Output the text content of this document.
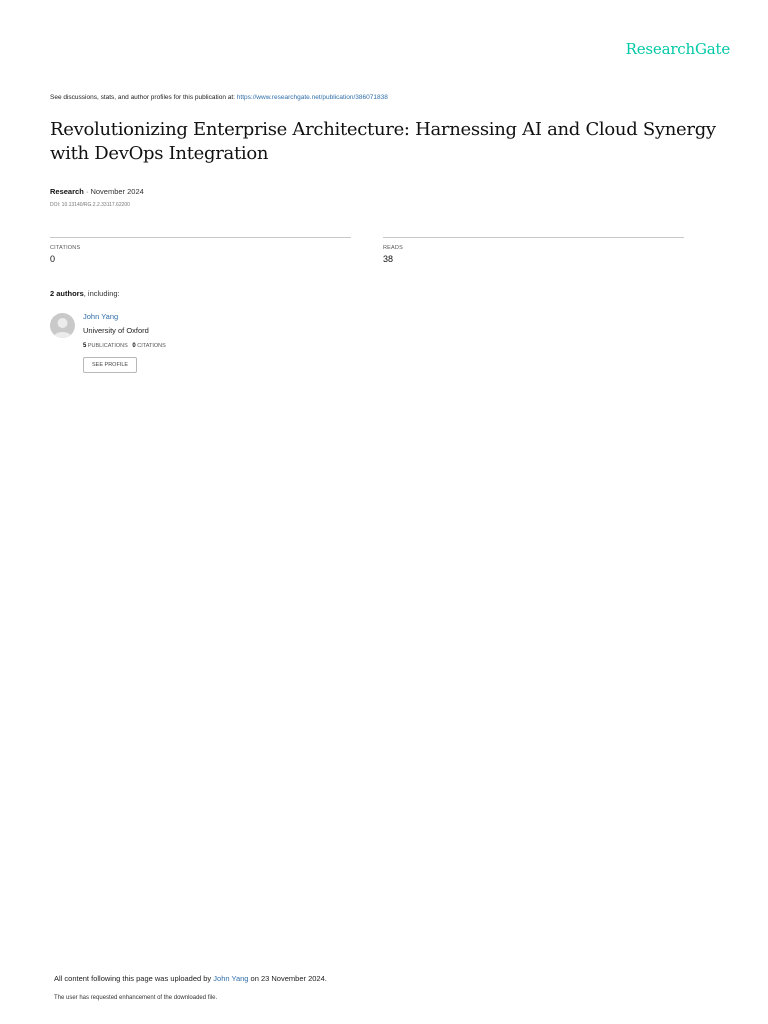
ResearchGate
See discussions, stats, and author profiles for this publication at: https://www.researchgate.net/publication/386071838
Revolutionizing Enterprise Architecture: Harnessing AI and Cloud Synergy with DevOps Integration
Research · November 2024
DOI: 10.13140/RG.2.2.33117.62200
CITATIONS
0
READS
38
2 authors, including:
John Yang
University of Oxford
5 PUBLICATIONS 0 CITATIONS
SEE PROFILE
All content following this page was uploaded by John Yang on 23 November 2024.
The user has requested enhancement of the downloaded file.
